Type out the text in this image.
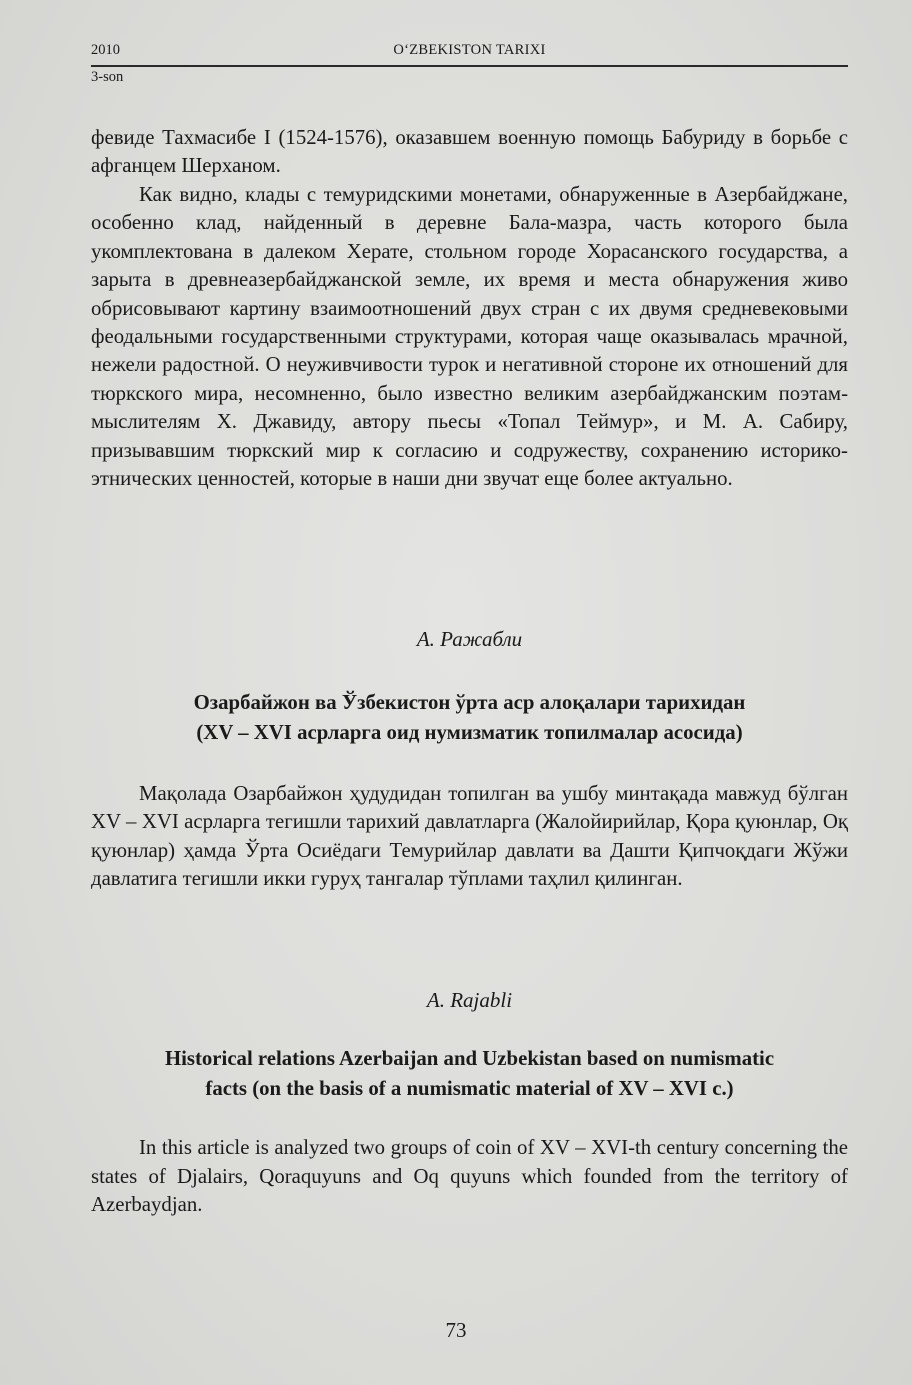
2010	O‘ZBEKISTON TARIXI
3-son

февиде Тахмасибе I (1524-1576), оказавшем военную помощь Бабуриду в борьбе с афганцем Шерханом.

Как видно, клады с темуридскими монетами, обнаруженные в Азербайджане, особенно клад, найденный в деревне Бала-мазра, часть которого была укомплектована в далеком Херате, стольном городе Хорасанского государства, а зарыта в древнеазербайджанской земле, их время и места обнаружения живо обрисовывают картину взаимоотношений двух стран с их двумя средневековыми феодальными государственными структурами, которая чаще оказывалась мрачной, нежели радостной. О неуживчивости турок и негативной стороне их отношений для тюркского мира, несомненно, было известно великим азербайджанским поэтам-мыслителям Х. Джавиду, автору пьесы «Топал Теймур», и М. А. Сабиру, призывавшим тюркский мир к согласию и содружеству, сохранению историко-этнических ценностей, которые в наши дни звучат еще более актуально.

А. Ражабли

Озарбайжон ва Ўзбекистон ўрта аср алоқалари тарихидан
(XV – XVI асрларга оид нумизматик топилмалар асосида)

Мақолада Озарбайжон ҳудудидан топилган ва ушбу минтақада мавжуд бўлган XV – XVI асрларга тегишли тарихий давлатларга (Жалойирийлар, Қора қуюнлар, Оқ қуюнлар) ҳамда Ўрта Осиёдаги Темурийлар давлати ва Дашти Қипчоқдаги Жўжи давлатига тегишли икки гуруҳ тангалар тўплами таҳлил қилинган.

A. Rajabli

Historical relations Azerbaijan and Uzbekistan based on numismatic
facts (on the basis of a numismatic material of XV – XVI c.)

In this article is analyzed two groups of coin of XV – XVI-th century concerning the states of Djalairs, Qoraquyuns and Oq quyuns which founded from the territory of Azerbaydjan.

73
